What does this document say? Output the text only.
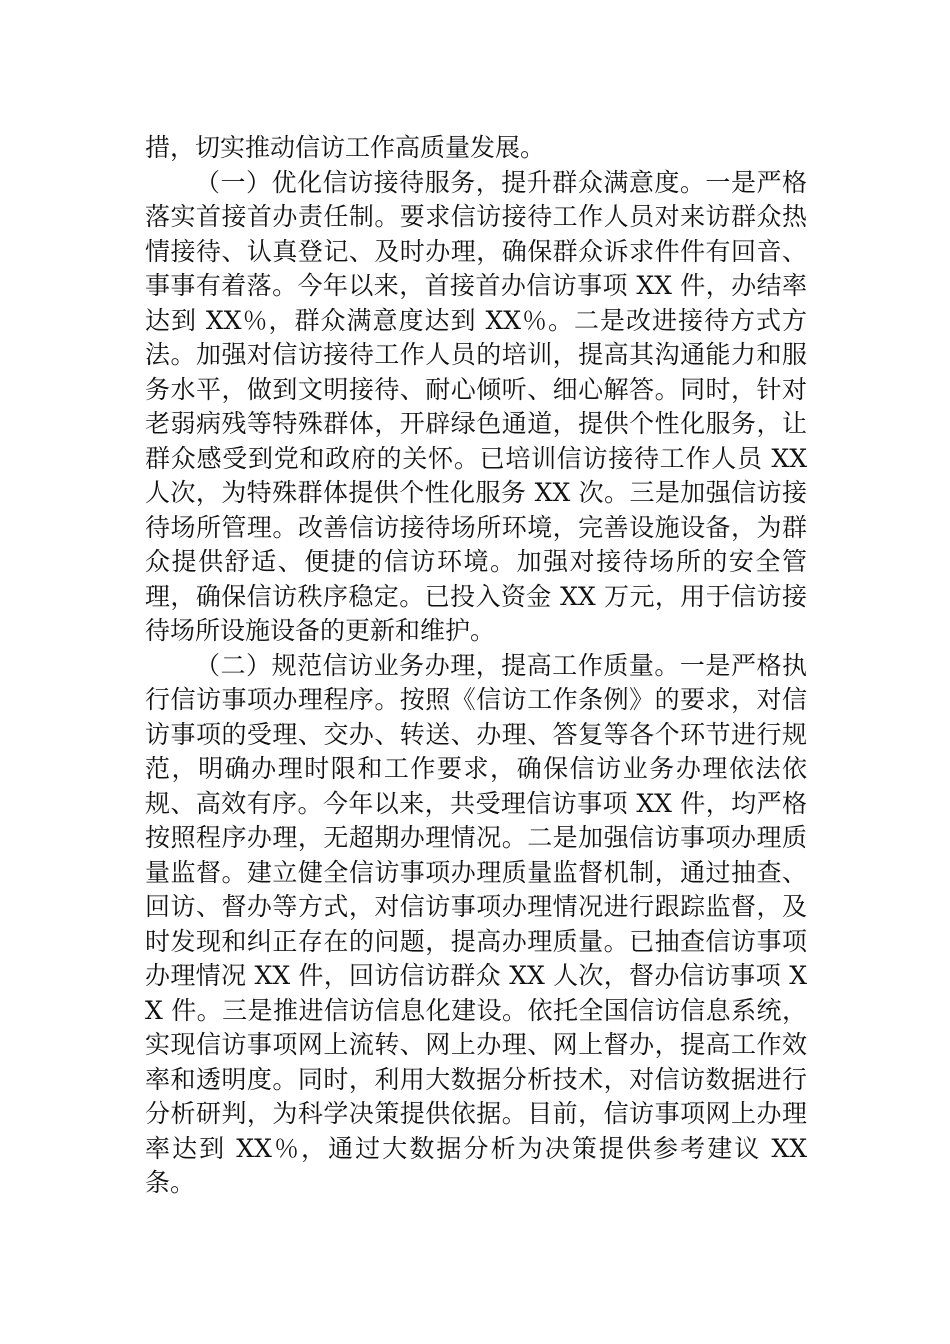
措，切实推动信访工作高质量发展。

（一）优化信访接待服务，提升群众满意度。一是严格落实首接首办责任制。要求信访接待工作人员对来访群众热情接待、认真登记、及时办理，确保群众诉求件件有回音、事事有着落。今年以来，首接首办信访事项 XX 件，办结率达到 XX％，群众满意度达到 XX％。二是改进接待方式方法。加强对信访接待工作人员的培训，提高其沟通能力和服务水平，做到文明接待、耐心倾听、细心解答。同时，针对老弱病残等特殊群体，开辟绿色通道，提供个性化服务，让群众感受到党和政府的关怀。已培训信访接待工作人员 XX 人次，为特殊群体提供个性化服务 XX 次。三是加强信访接待场所管理。改善信访接待场所环境，完善设施设备，为群众提供舒适、便捷的信访环境。加强对接待场所的安全管理，确保信访秩序稳定。已投入资金 XX 万元，用于信访接待场所设施设备的更新和维护。

（二）规范信访业务办理，提高工作质量。一是严格执行信访事项办理程序。按照《信访工作条例》的要求，对信访事项的受理、交办、转送、办理、答复等各个环节进行规范，明确办理时限和工作要求，确保信访业务办理依法依规、高效有序。今年以来，共受理信访事项 XX 件，均严格按照程序办理，无超期办理情况。二是加强信访事项办理质量监督。建立健全信访事项办理质量监督机制，通过抽查、回访、督办等方式，对信访事项办理情况进行跟踪监督，及时发现和纠正存在的问题，提高办理质量。已抽查信访事项办理情况 XX 件，回访信访群众 XX 人次，督办信访事项 XX 件。三是推进信访信息化建设。依托全国信访信息系统，实现信访事项网上流转、网上办理、网上督办，提高工作效率和透明度。同时，利用大数据分析技术，对信访数据进行分析研判，为科学决策提供依据。目前，信访事项网上办理率达到 XX％，通过大数据分析为决策提供参考建议 XX 条。
